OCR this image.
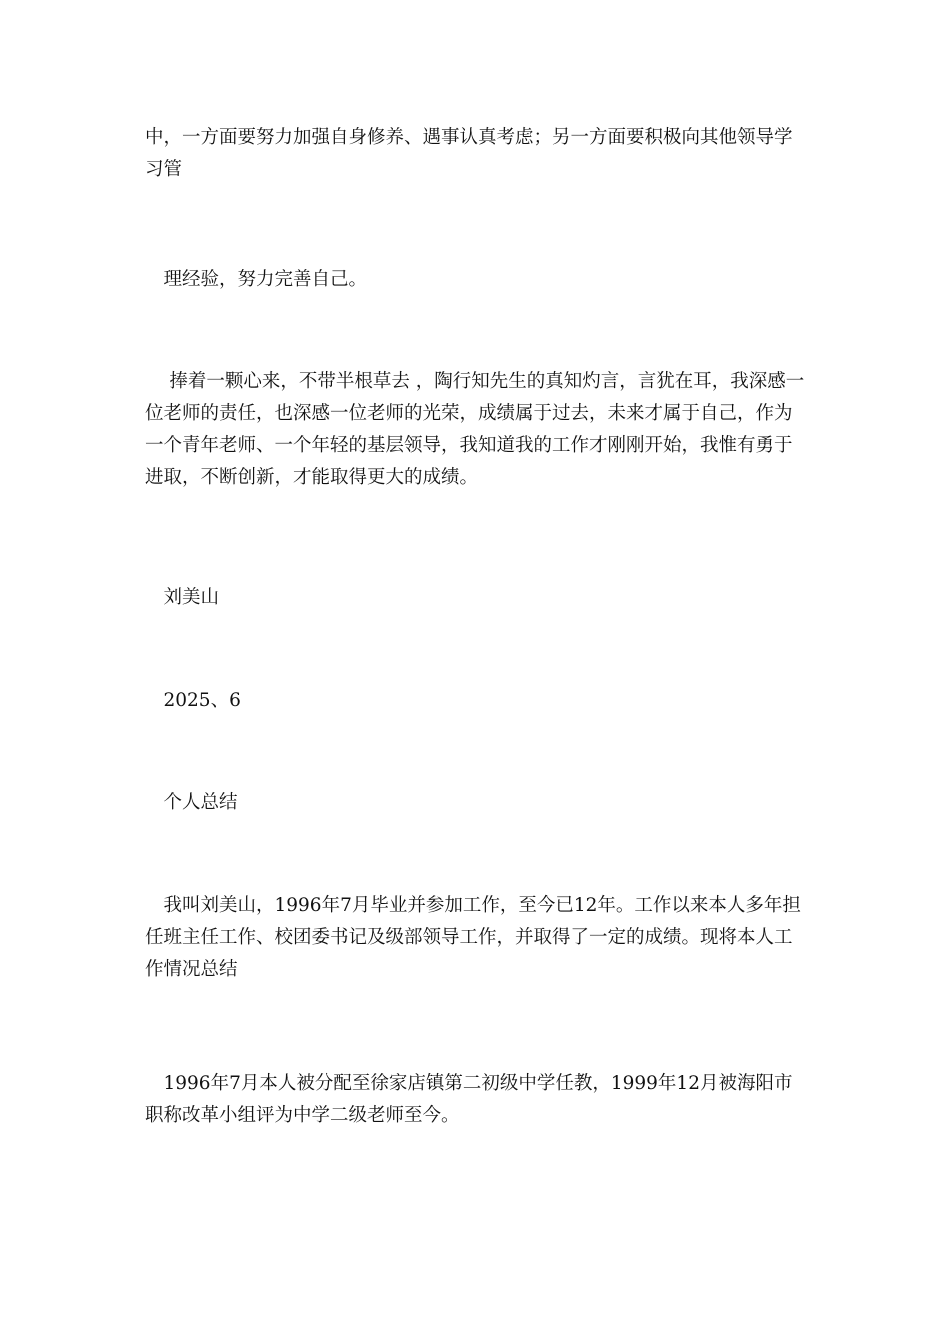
中，一方面要努力加强自身修养、遇事认真考虑；另一方面要积极向其他领导学习管

　理经验，努力完善自己。

　 捧着一颗心来，不带半根草去 ，陶行知先生的真知灼言，言犹在耳，我深感一位老师的责任，也深感一位老师的光荣，成绩属于过去，未来才属于自己，作为一个青年老师、一个年轻的基层领导，我知道我的工作才刚刚开始，我惟有勇于进取，不断创新，才能取得更大的成绩。

　刘美山

　2025、6

　个人总结

　我叫刘美山，1996年7月毕业并参加工作，至今已12年。工作以来本人多年担任班主任工作、校团委书记及级部领导工作，并取得了一定的成绩。现将本人工作情况总结

　1996年7月本人被分配至徐家店镇第二初级中学任教，1999年12月被海阳市职称改革小组评为中学二级老师至今。
